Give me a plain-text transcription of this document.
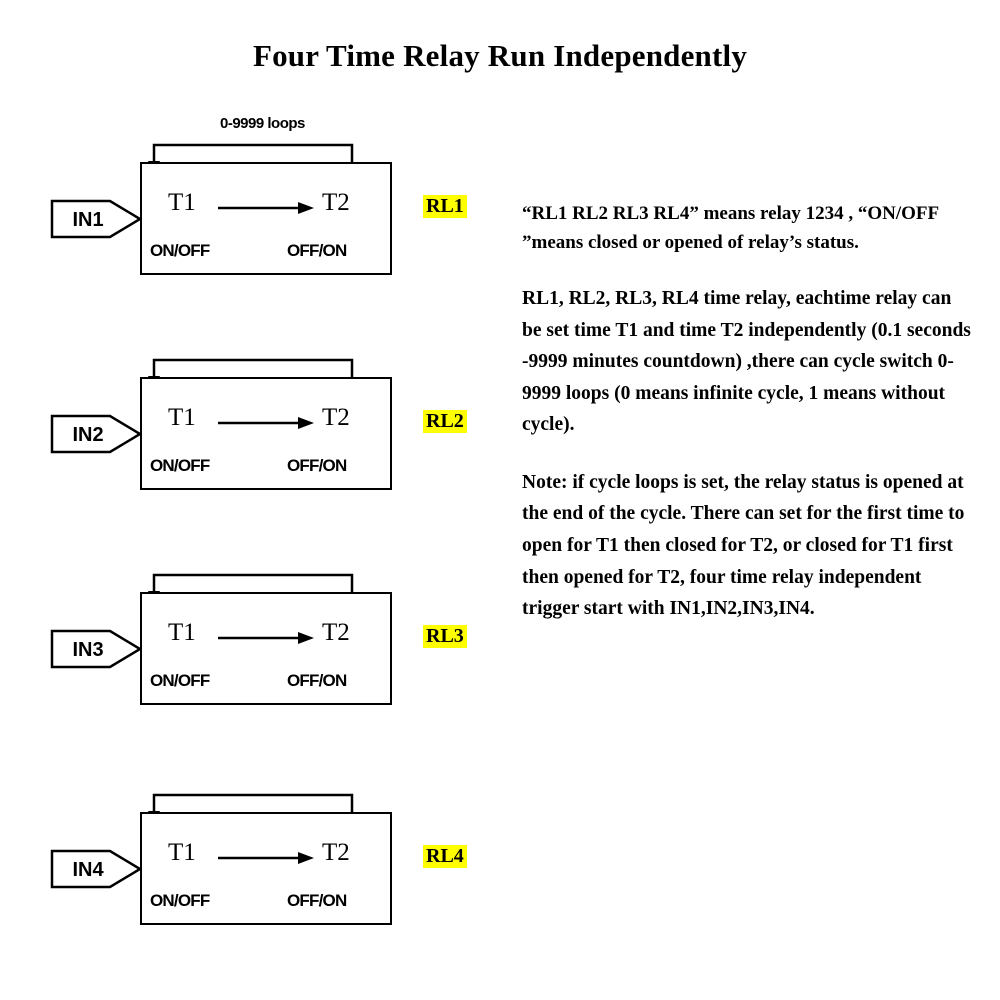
Four Time Relay Run Independently
0-9999 loops
IN1
T1	T2
ON/OFF	OFF/ON
RL1
IN2
T1	T2
ON/OFF	OFF/ON
RL2
IN3
T1	T2
ON/OFF	OFF/ON
RL3
IN4
T1	T2
ON/OFF	OFF/ON
RL4
“RL1 RL2 RL3 RL4” means relay 1234 , “ON/OFF ”means closed or opened of relay’s status.
RL1, RL2, RL3, RL4 time relay, eachtime relay can be set time T1 and time T2 independently (0.1 seconds -9999 minutes countdown) ,there can cycle switch 0-9999 loops (0 means infinite cycle, 1 means without cycle).
Note: if cycle loops is set, the relay status is opened at the end of the cycle. There can set for the first time to open for T1 then closed for T2, or closed for T1 first then opened for T2, four time relay independent trigger start with IN1,IN2,IN3,IN4.
